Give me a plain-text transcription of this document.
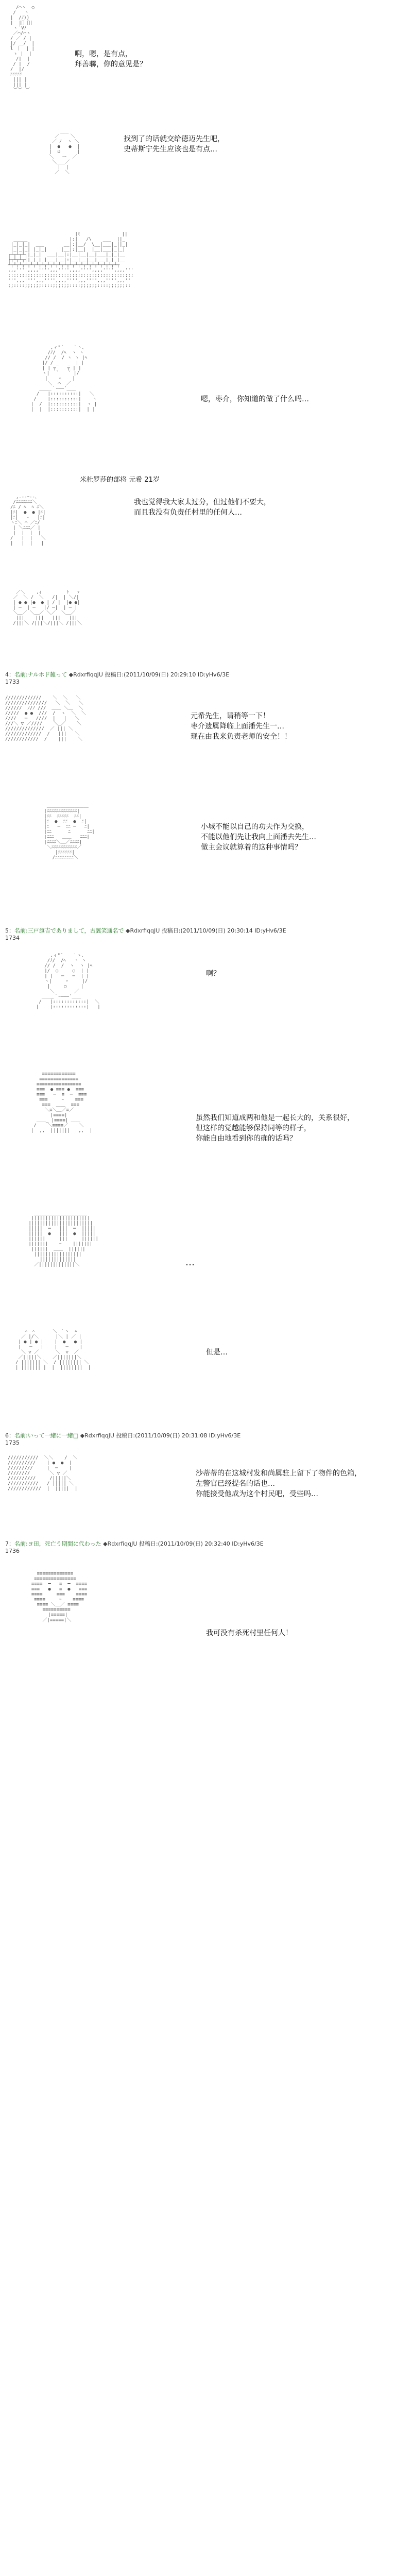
/⌒ヽ  ○
/   ヽ
|  /ﾉ))
|  |ﾟ ﾟ|
ヽ ﾞ∀ﾉ
／⌒/⌒ヽ
/ ／ / |
|/ ＿/  |
l ｜  | |
ゝ |  |
/|  |
/ |  /
/  |/
ﾆﾆﾆﾆﾆ
||| |
||| |
︶︶ ︶
啊，嗯，是有点，
拜善聯，你的意见是？
___
／    ＼
／ ﾉ  ヽ ＼
|  ●   ●  |
|  ω      |
＼   ー  ／
＼___／
|  |
／  ＼
找到了的话就交给德迈先生吧，
史蒂斯宁先生应该也是有点…
|ﾐ               ||
_____               |:|   /\    ___  ||_
|_|_|_|  ___       __|:|__/  \__|___|_||_|
|_|_|_| |_|_|     |__|:|__|  |__|___|_|_|
┌┴┬┴┬┴┐|_|_|  ___|__|:|__|__|__|___|_|_|__
├┬┴┬┴┬┤|_|_| |___|__|:|__|__|__|___|_|_|__
┴┬┴┬┴┬┴┬┴┬┴┬┴┬┴┬┴┬┴┬┴┬┴┬┴┬┴┬┴┬┴┬┴┬┴┬┴┬┴┬
,,,'''',,,,'''',,,'''',,,,'''',,,,'''',,,,'''
::::;;;;;::::;;;;;::::;;;;;::::;;;;;::::;;;;;
''',,,'''',,,'''',,,,'''',,,'''',,,'''',,,''
;;::::;;;;;;::::;;;;;;::::;;;;;;::::;;;;;;::
,ィ"´￣￣｀ヽ、
/ﾉ/  /ﾍ  ヽ ヽ
// /  / ヽ ヽ |ﾍ
|/ / _   _  | |
| | ┬    ┬ | |
ヽ|  ｀   ´ |/
|    ｰ    |
＼  ⌒  ／
＿＿_｀ｰ――´＿＿
/   |::::::::::|   ＼
/    |::::::::::|    ヽ
|  /  |::::::::::|  ヽ |
|  |  |::::::::::|  | |
嗯，枣介，你知道的做了什么吗…
米杜罗莎的部将 元希 21岁
,.-‐ｰ‐-､
/ﾆﾆﾆﾆﾆﾆﾆ＼
/ﾆ / ﾍ  ﾍ ﾆ＼
|ﾆ|  ●  ● |ﾆ|
|ﾆ|   ｰ   |ﾆ|
ヽﾆ＼ ⌒ ／ﾆ/
| ＼ﾆﾆﾆ／ |
|  |  |  |
/   |  |   ＼
|   |  |   |
我也觉得我大家太过分，但过他们不要大，
而且我没有负责任村里的任何人…
／＼    ,ｨ         ﾄ   ｧ
／  ＼ /  ＼   /|  | ＼/|
| ● ● |●  ● | / |  |● ●|
| ─  | ─   |/ ─|  | ─ |
＼＿／ ＼＿／ ＼／  ＼＿／
|||    |||   |||   |||
/|||＼ /|||＼/|||＼ /|||＼
4：名前:ナルホド雑って ◆RdxrfiqqJU 投稿日:(2011/10/09(日) 20:29:10 ID:yHv6/3E
1733
/////////////    ＼  ＼   ＼
///////////////   ＼  ＼   ＼
//////  ﾉ/ﾉ ///  ＿＿ ＼＿  ＼
/////  ● ●  ///  /  ヽ  ＼  ＼
////   ─   ////  |   |   ＼
///＼ ▽ ／////    ＼_／    ＼
//////////////  ／ ||| ＼
/////////////  /   |||   ＼
////////////  /    |||    ＼
元希先生，请稍等一下！
枣介遗属降临上面潘先生一…
现在由我来负责老师的安全！！
＿＿＿＿＿＿＿＿＿
|ﾆﾆﾆﾆﾆﾆﾆﾆﾆﾆﾆﾆﾆ|
|ﾆﾆ  ﾆﾆﾆﾆﾆ  ﾆﾆ|
|ﾆ  ●  ﾆﾆ  ●  ﾆ|
|ﾆ   ─  ﾆﾆ ─   ﾆ|
|ﾆﾆ      ﾆ      ﾆﾆ|
|ﾆﾆﾆ   ＿＿   ﾆﾆﾆ|
|ﾆﾆﾆﾆ＼＿／ﾆﾆﾆﾆ|
＼ﾆﾆﾆﾆﾆﾆﾆﾆﾆﾆﾆ／
|ﾆﾆﾆﾆﾆﾆ|
/ﾆﾆﾆﾆﾆﾆﾆﾆ＼
小城不能以自己的功夫作为交换，
不能以他们先让我向上面潘去先生…
做主会议就算着的这种事情吗？
5：名前:三戸旗吉でありまして，古翼笑通名で ◆RdxrfiqqJU 投稿日:(2011/10/09(日) 20:30:14 ID:yHv6/3E
1734
,ィ"´￣￣｀ヽ、
/ﾉ/  /ﾍ   ヽ ヽ
// /  /  ヽ  ヽ |ﾍ
|/  ○     ○  | |
| |   ─   ─  | |
ヽ|     ｰ     |/
|     ○     |
＼       ／
＿＿_｀ｰ―――´＿＿
/   |::::::::::::|  ＼
|    |::::::::::::|   |
啊？
≡≡≡≡≡≡≡≡≡≡≡≡
≡≡≡≡≡≡≡≡≡≡≡≡≡≡
≡≡≡≡≡≡≡≡≡≡≡≡≡≡≡≡
≡≡≡  ● ≡≡≡ ●  ≡≡≡
≡≡≡   ─  ≡  ─  ≡≡≡
≡≡≡     ｰ    ≡≡≡
≡≡≡  ＿＿  ≡≡≡
＼≡＼＿／≡／
|≡≡≡≡|
＿＿_ |≡≡≡≡| ＿＿
/    ＼≡≡≡≡／    ＼
|  ,,  |||||||   ,,  |
虽然我们知道成两和他是一起长大的，关系很好，
但这样的觉越能够保持同等的样子，
你能自由地看到你的确的话吗？
___________________
|||||||||||||||||||||
|||||||||||||||||||||||
|||||  ━   |||  ━  |||||
|||||  ●   |||  ●  |||||
||||||     |||     ||||||
|||||||    ｰ    |||||||
||||||  ＿＿  ||||||
|||||||||||||||||
|||||||||||||
／|||||||||||||＼	…
＾ ＾      ＼ ｀ヽ  ﾍ
／ |/＼      |＼ | ／ |
| ● | ● |    |  ●   ● |
|   ─   |    |   ─    |
＼ ▽ ／      ＼  ▽  ／
／|||||＼    ／|||||||＼
/ ||||||| ＼  / |||||||| ＼
| ||||||| |  |  ||||||||  |
但是…
6：名前:いって一緒に一緒□ ◆RdxrfiqqJU 投稿日:(2011/10/09(日) 20:31:08 ID:yHv6/3E
1735
///////////  ＼＼    /  ＼
//////////    | ●  ●  |
/////////     |  ─    |
////////       ＼ ▽ ／
//////////     /|||||＼
///////////   / ||||| ＼
////////////  |  |||||  |
沙蒂蒂的在这城村发和尚属驻上留下了物件的色箱，
左警官已经提名的话也…
你能接受他成为这个村民吧，受些吗…
7：名前:ヨ田，死亡う期間に代わった ◆RdxrfiqqJU 投稿日:(2011/10/09(日) 20:32:40 ID:yHv6/3E
1736
≡≡≡≡≡≡≡≡≡≡≡≡≡
≡≡≡≡≡≡≡≡≡≡≡≡≡≡≡
≡≡≡≡  ━   ≡  ━  ≡≡≡≡
≡≡≡   ●   ≡  ●   ≡≡≡
≡≡≡≡     ≡≡≡    ≡≡≡≡
≡≡≡≡     ｰ    ≡≡≡≡
≡≡≡≡ ＼＿／ ≡≡≡≡
≡≡≡≡≡≡≡≡≡≡
|≡≡≡≡≡|
／|≡≡≡≡≡|＼
我可没有杀死村里任何人！
